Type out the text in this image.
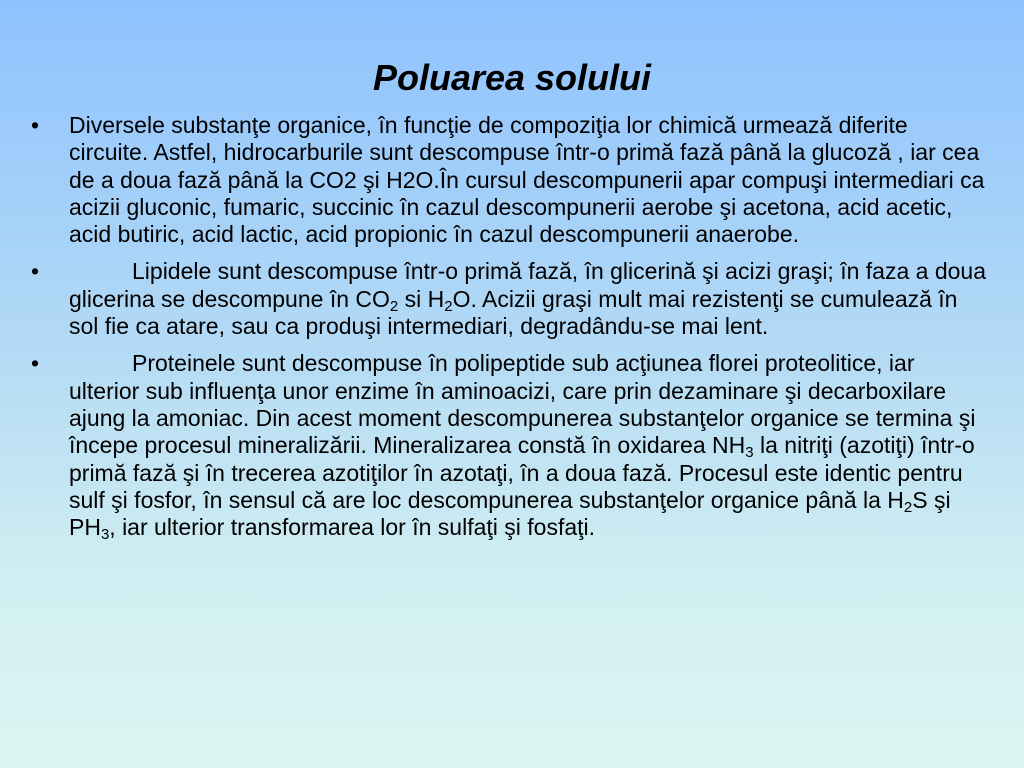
Poluarea solului
• Diversele substanţe organice, în funcţie de compoziţia lor chimică urmează diferite circuite. Astfel, hidrocarburile sunt descompuse într-o primă fază până la glucoză , iar cea de a doua fază până la CO2 şi H2O.În cursul descompunerii apar compuşi intermediari ca acizii gluconic, fumaric, succinic în cazul descompunerii aerobe şi acetona, acid acetic, acid butiric, acid lactic, acid propionic în cazul descompunerii anaerobe.
•	Lipidele sunt descompuse într-o primă fază, în glicerină şi acizi graşi; în faza a doua glicerina se descompune în $CO_2$ si $H_2O$. Acizii graşi mult mai rezistenţi se cumulează în sol fie ca atare, sau ca produşi intermediari, degradându-se mai lent.
•	Proteinele sunt descompuse în polipeptide sub acţiunea florei proteolitice, iar ulterior sub influenţa unor enzime în aminoacizi, care prin dezaminare şi decarboxilare ajung la amoniac. Din acest moment descompunerea substanţelor organice se termina şi începe procesul mineralizării. Mineralizarea constă în oxidarea $NH_3$ la nitriţi (azotiţi) într-o primă fază şi în trecerea azotiţilor în azotaţi, în a doua fază. Procesul este identic pentru sulf şi fosfor, în sensul că are loc descompunerea substanţelor organice până la $H_2S$ şi $PH_3$, iar ulterior transformarea lor în sulfaţi şi fosfaţi.
